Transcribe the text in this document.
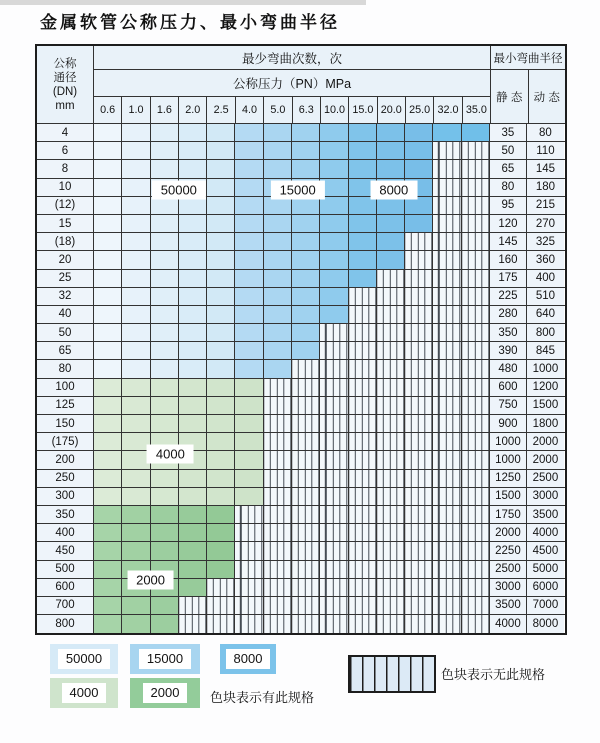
金属软管公称压力、最小弯曲半径
公称
通径
(DN)
mm
最少弯曲次数，次
公称压力（PN）MPa
0.6	1.0	1.6	2.0	2.5	4.0	5.0	6.3 10.0 15.0 20.0 25.0 32.0 35.0
最小弯曲半径
静 态 动 态
4	35	80
6	50	110
8	65	145
10	80	180
(12)	95	215
15	120	270
(18)	145	325
20	160	360
25	175	400
32	225	510
40	280	640
50	350	800
65	390	845
80	480	1000
100	600	1200
125	750	1500
150	900	1800
(175)	1000	2000
200	1000	2000
250	1250	2500
300	1500	3000
350	1750	3500
400	2000	4000
450	2250	4500
500	2500	5000
600	3000	6000
700	3500	7000
800	4000	8000
50000	15000	8000
4000
2000
色块表示有此规格
色块表示无此规格
50000	15000	8000
4000	2000
